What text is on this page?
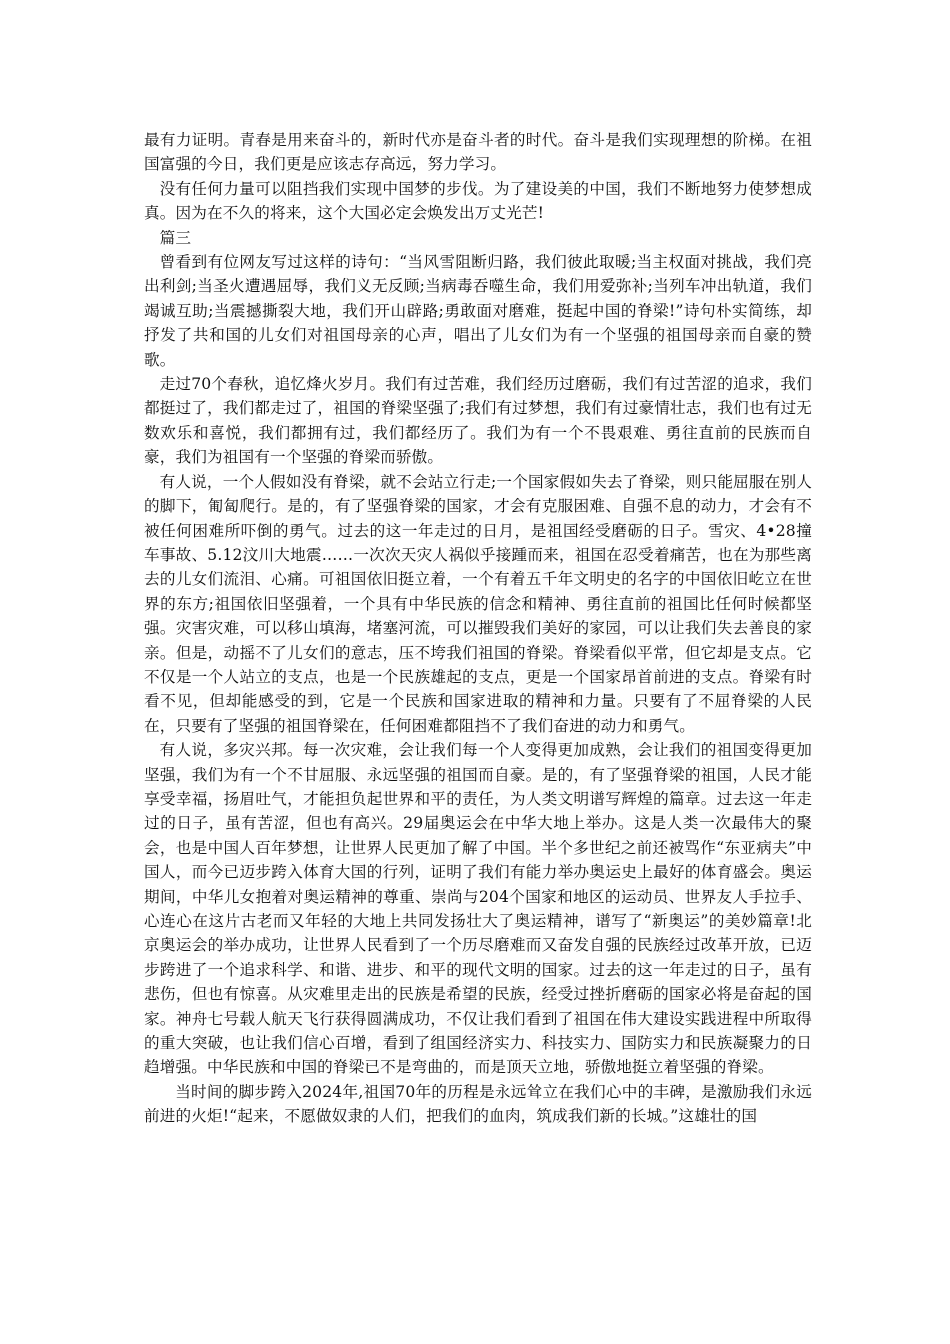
最有力证明。青春是用来奋斗的，新时代亦是奋斗者的时代。奋斗是我们实现理想的阶梯。在祖国富强的今日，我们更是应该志存高远，努力学习。

没有任何力量可以阻挡我们实现中国梦的步伐。为了建设美的中国，我们不断地努力使梦想成真。因为在不久的将来，这个大国必定会焕发出万丈光芒!

篇三

曾看到有位网友写过这样的诗句：“当风雪阻断归路，我们彼此取暖;当主权面对挑战，我们亮出利剑;当圣火遭遇屈辱，我们义无反顾;当病毒吞噬生命，我们用爱弥补;当列车冲出轨道，我们竭诚互助;当震撼撕裂大地，我们开山辟路;勇敢面对磨难，挺起中国的脊梁!”诗句朴实简练，却抒发了共和国的儿女们对祖国母亲的心声，唱出了儿女们为有一个坚强的祖国母亲而自豪的赞歌。

走过70个春秋，追忆烽火岁月。我们有过苦难，我们经历过磨砺，我们有过苦涩的追求，我们都挺过了，我们都走过了，祖国的脊梁坚强了;我们有过梦想，我们有过豪情壮志，我们也有过无数欢乐和喜悦，我们都拥有过，我们都经历了。我们为有一个不畏艰难、勇往直前的民族而自豪，我们为祖国有一个坚强的脊梁而骄傲。

有人说，一个人假如没有脊梁，就不会站立行走;一个国家假如失去了脊梁，则只能屈服在别人的脚下，匍匐爬行。是的，有了坚强脊梁的国家，才会有克服困难、自强不息的动力，才会有不被任何困难所吓倒的勇气。过去的这一年走过的日月，是祖国经受磨砺的日子。雪灾、4•28撞车事故、5.12汶川大地震……一次次天灾人祸似乎接踵而来，祖国在忍受着痛苦，也在为那些离去的儿女们流泪、心痛。可祖国依旧挺立着，一个有着五千年文明史的名字的中国依旧屹立在世界的东方;祖国依旧坚强着，一个具有中华民族的信念和精神、勇往直前的祖国比任何时候都坚强。灾害灾难，可以移山填海，堵塞河流，可以摧毁我们美好的家园，可以让我们失去善良的家亲。但是，动摇不了儿女们的意志，压不垮我们祖国的脊梁。脊梁看似平常，但它却是支点。它不仅是一个人站立的支点，也是一个民族雄起的支点，更是一个国家昂首前进的支点。脊梁有时看不见，但却能感受的到，它是一个民族和国家进取的精神和力量。只要有了不屈脊梁的人民在，只要有了坚强的祖国脊梁在，任何困难都阻挡不了我们奋进的动力和勇气。

有人说，多灾兴邦。每一次灾难，会让我们每一个人变得更加成熟，会让我们的祖国变得更加坚强，我们为有一个不甘屈服、永远坚强的祖国而自豪。是的，有了坚强脊梁的祖国，人民才能享受幸福，扬眉吐气，才能担负起世界和平的责任，为人类文明谱写辉煌的篇章。过去这一年走过的日子，虽有苦涩，但也有高兴。29届奥运会在中华大地上举办。这是人类一次最伟大的聚会，也是中国人百年梦想，让世界人民更加了解了中国。半个多世纪之前还被骂作“东亚病夫”中国人，而今已迈步跨入体育大国的行列，证明了我们有能力举办奥运史上最好的体育盛会。奥运期间，中华儿女抱着对奥运精神的尊重、崇尚与204个国家和地区的运动员、世界友人手拉手、心连心在这片古老而又年轻的大地上共同发扬壮大了奥运精神，谱写了“新奥运”的美妙篇章!北京奥运会的举办成功，让世界人民看到了一个历尽磨难而又奋发自强的民族经过改革开放，已迈步跨进了一个追求科学、和谐、进步、和平的现代文明的国家。过去的这一年走过的日子，虽有悲伤，但也有惊喜。从灾难里走出的民族是希望的民族，经受过挫折磨砺的国家必将是奋起的国家。神舟七号载人航天飞行获得圆满成功，不仅让我们看到了祖国在伟大建设实践进程中所取得的重大突破，也让我们信心百增，看到了组国经济实力、科技实力、国防实力和民族凝聚力的日趋增强。中华民族和中国的脊梁已不是弯曲的，而是顶天立地，骄傲地挺立着坚强的脊梁。

当时间的脚步跨入2024年,祖国70年的历程是永远耸立在我们心中的丰碑，是激励我们永远前进的火炬!“起来，不愿做奴隶的人们，把我们的血肉，筑成我们新的长城。”这雄壮的国
